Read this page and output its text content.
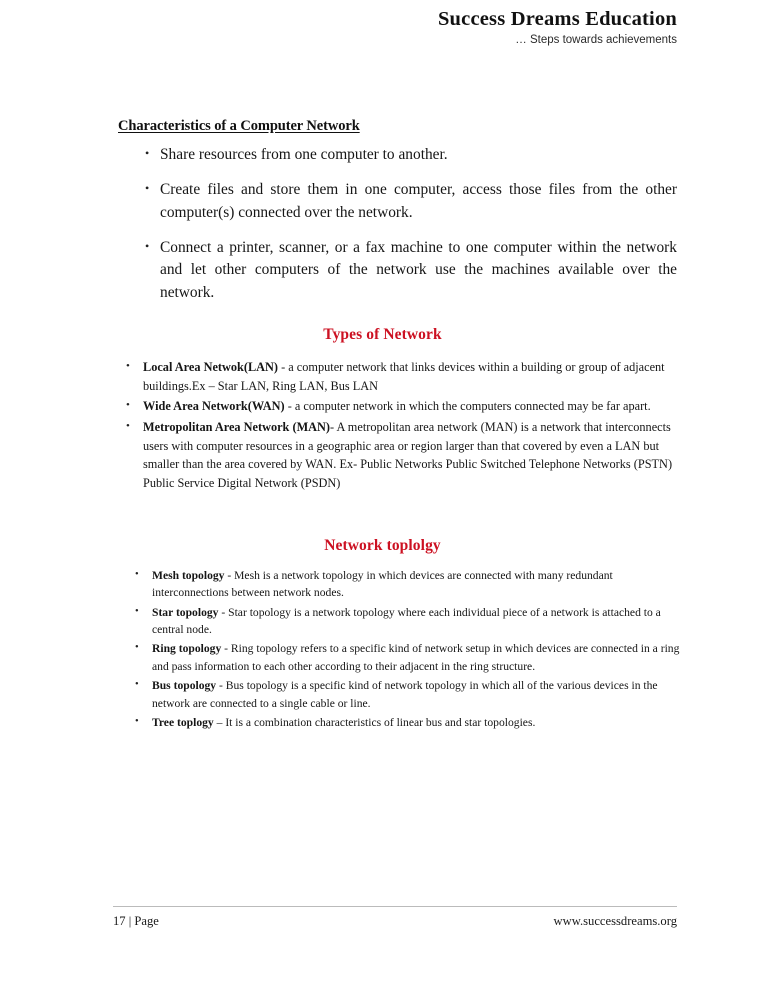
Success Dreams Education
… Steps towards achievements
Characteristics of a Computer Network
• Share resources from one computer to another.
• Create files and store them in one computer, access those files from the other computer(s) connected over the network.
• Connect a printer, scanner, or a fax machine to one computer within the network and let other computers of the network use the machines available over the network.
Types of Network
• Local Area Netwok(LAN) - a computer network that links devices within a building or group of adjacent buildings.Ex – Star LAN, Ring LAN, Bus LAN
• Wide Area Network(WAN) - a computer network in which the computers connected may be far apart.
• Metropolitan Area Network (MAN)- A metropolitan area network (MAN) is a network that interconnects users with computer resources in a geographic area or region larger than that covered by even a LAN but smaller than the area covered by WAN. Ex- Public Networks Public Switched Telephone Networks (PSTN) Public Service Digital Network (PSDN)
Network toplolgy
• Mesh topology - Mesh is a network topology in which devices are connected with many redundant interconnections between network nodes.
• Star topology - Star topology is a network topology where each individual piece of a network is attached to a central node.
• Ring topology - Ring topology refers to a specific kind of network setup in which devices are connected in a ring and pass information to each other according to their adjacent in the ring structure.
• Bus topology - Bus topology is a specific kind of network topology in which all of the various devices in the network are connected to a single cable or line.
• Tree toplogy – It is a combination characteristics of linear bus and star topologies.
17 | Page	www.successdreams.org
